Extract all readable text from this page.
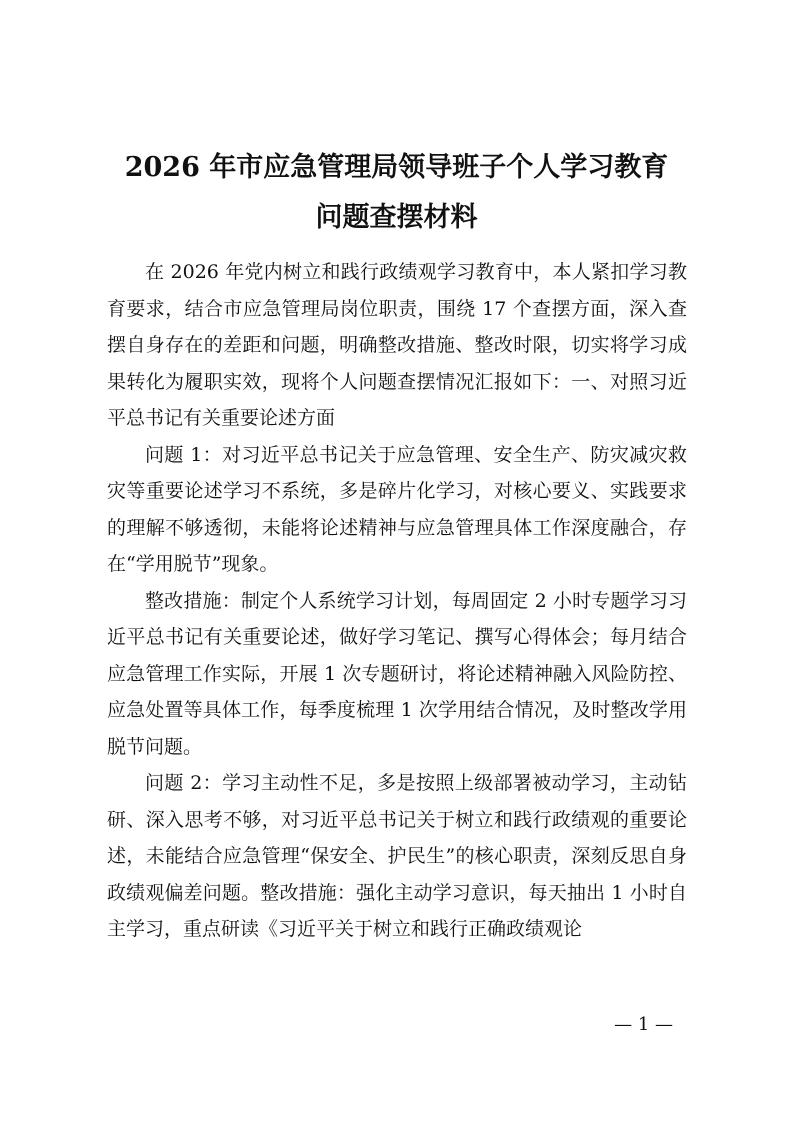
2026 年市应急管理局领导班子个人学习教育
问题查摆材料

在 2026 年党内树立和践行政绩观学习教育中，本人紧扣学习教育要求，结合市应急管理局岗位职责，围绕 17 个查摆方面，深入查摆自身存在的差距和问题，明确整改措施、整改时限，切实将学习成果转化为履职实效，现将个人问题查摆情况汇报如下：一、对照习近平总书记有关重要论述方面

问题 1：对习近平总书记关于应急管理、安全生产、防灾减灾救灾等重要论述学习不系统，多是碎片化学习，对核心要义、实践要求的理解不够透彻，未能将论述精神与应急管理具体工作深度融合，存在“学用脱节”现象。

整改措施：制定个人系统学习计划，每周固定 2 小时专题学习习近平总书记有关重要论述，做好学习笔记、撰写心得体会；每月结合应急管理工作实际，开展 1 次专题研讨，将论述精神融入风险防控、应急处置等具体工作，每季度梳理 1 次学用结合情况，及时整改学用脱节问题。

问题 2：学习主动性不足，多是按照上级部署被动学习，主动钻研、深入思考不够，对习近平总书记关于树立和践行政绩观的重要论述，未能结合应急管理“保安全、护民生”的核心职责，深刻反思自身政绩观偏差问题。整改措施：强化主动学习意识，每天抽出 1 小时自主学习，重点研读《习近平关于树立和践行正确政绩观论

— 1 —
